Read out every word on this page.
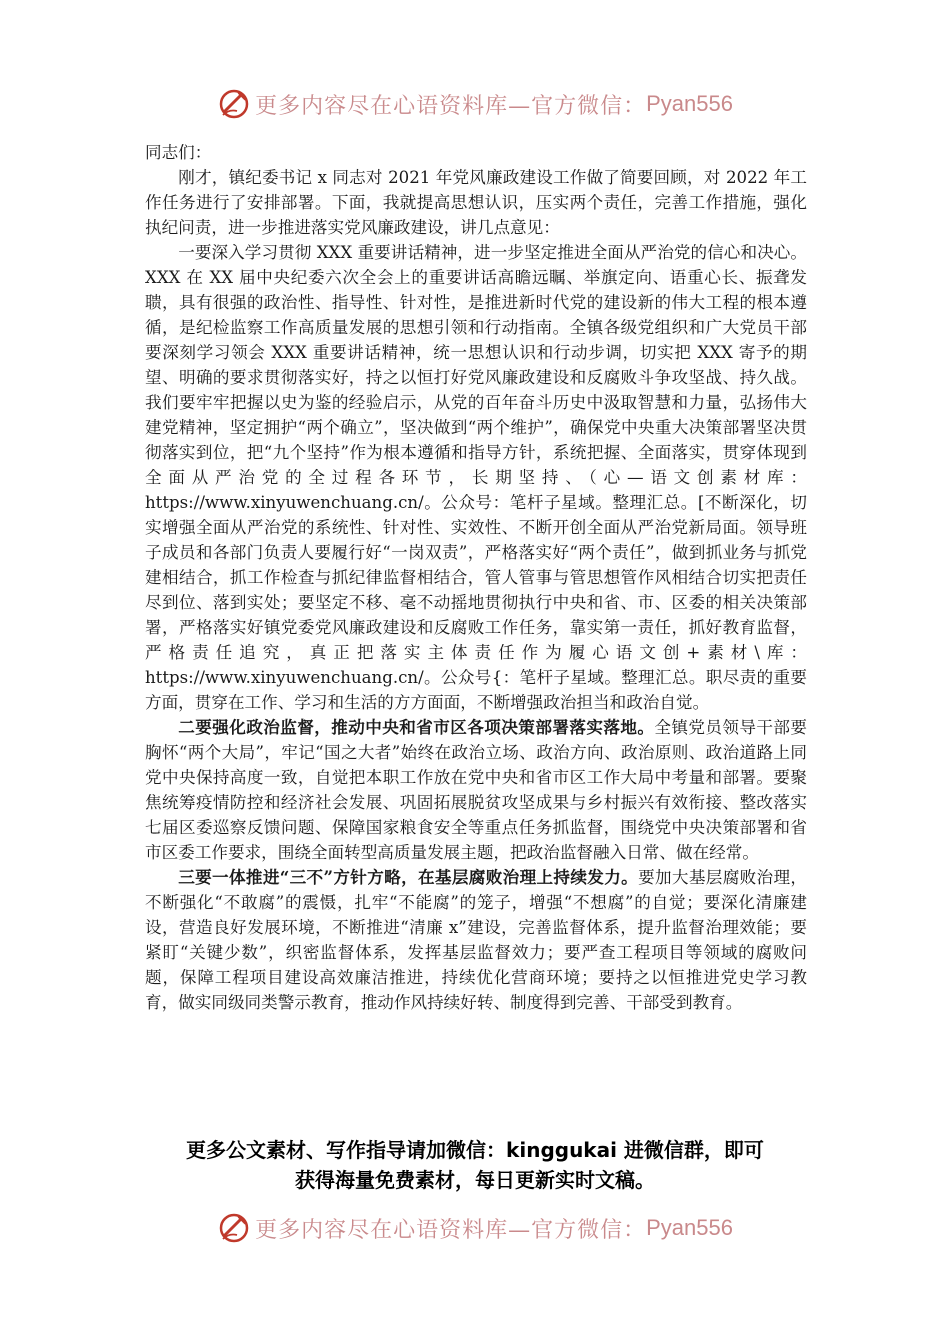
更多内容尽在心语资料库—官方微信： Pyan556

同志们：

刚才，镇纪委书记 x 同志对 2021 年党风廉政建设工作做了简要回顾，对 2022 年工作任务进行了安排部署。下面，我就提高思想认识，压实两个责任，完善工作措施，强化执纪问责，进一步推进落实党风廉政建设，讲几点意见：

一要深入学习贯彻 XXX 重要讲话精神，进一步坚定推进全面从严治党的信心和决心。XXX 在 XX 届中央纪委六次全会上的重要讲话高瞻远瞩、举旗定向、语重心长、振聋发聩，具有很强的政治性、指导性、针对性，是推进新时代党的建设新的伟大工程的根本遵循，是纪检监察工作高质量发展的思想引领和行动指南。全镇各级党组织和广大党员干部要深刻学习领会 XXX 重要讲话精神，统一思想认识和行动步调，切实把 XXX 寄予的期望、明确的要求贯彻落实好，持之以恒打好党风廉政建设和反腐败斗争攻坚战、持久战。我们要牢牢把握以史为鉴的经验启示，从党的百年奋斗历史中汲取智慧和力量，弘扬伟大建党精神，坚定拥护“两个确立”，坚决做到“两个维护”，确保党中央重大决策部署坚决贯彻落实到位，把“九个坚持”作为根本遵循和指导方针，系统把握、全面落实，贯穿体现到全面从严治党的全过程各环节，长期坚持、（心—语文创素材库：https://www.xinyuwenchuang.cn/。公众号：笔杆子星域。整理汇总。[不断深化，切实增强全面从严治党的系统性、针对性、实效性、不断开创全面从严治党新局面。领导班子成员和各部门负责人要履行好“一岗双责”，严格落实好“两个责任”，做到抓业务与抓党建相结合，抓工作检查与抓纪律监督相结合，管人管事与管思想管作风相结合切实把责任尽到位、落到实处；要坚定不移、毫不动摇地贯彻执行中央和省、市、区委的相关决策部署，严格落实好镇党委党风廉政建设和反腐败工作任务，靠实第一责任，抓好教育监督，严格责任追究，真正把落实主体责任作为履心语文创+素材\库：https://www.xinyuwenchuang.cn/。公众号{：笔杆子星域。整理汇总。职尽责的重要方面，贯穿在工作、学习和生活的方方面面，不断增强政治担当和政治自觉。

二要强化政治监督，推动中央和省市区各项决策部署落实落地。全镇党员领导干部要胸怀“两个大局”，牢记“国之大者”始终在政治立场、政治方向、政治原则、政治道路上同党中央保持高度一致，自觉把本职工作放在党中央和省市区工作大局中考量和部署。要聚焦统筹疫情防控和经济社会发展、巩固拓展脱贫攻坚成果与乡村振兴有效衔接、整改落实七届区委巡察反馈问题、保障国家粮食安全等重点任务抓监督，围绕党中央决策部署和省市区委工作要求，围绕全面转型高质量发展主题，把政治监督融入日常、做在经常。

三要一体推进“三不”方针方略，在基层腐败治理上持续发力。要加大基层腐败治理，不断强化“不敢腐”的震慑，扎牢“不能腐”的笼子，增强“不想腐”的自觉；要深化清廉建设，营造良好发展环境，不断推进“清廉 x”建设，完善监督体系，提升监督治理效能；要紧盯“关键少数”，织密监督体系，发挥基层监督效力；要严查工程项目等领域的腐败问题，保障工程项目建设高效廉洁推进，持续优化营商环境；要持之以恒推进党史学习教育，做实同级同类警示教育，推动作风持续好转、制度得到完善、干部受到教育。

更多公文素材、写作指导请加微信：kinggukai 进微信群，即可
获得海量免费素材，每日更新实时文稿。
更多内容尽在心语资料库—官方微信： Pyan556
